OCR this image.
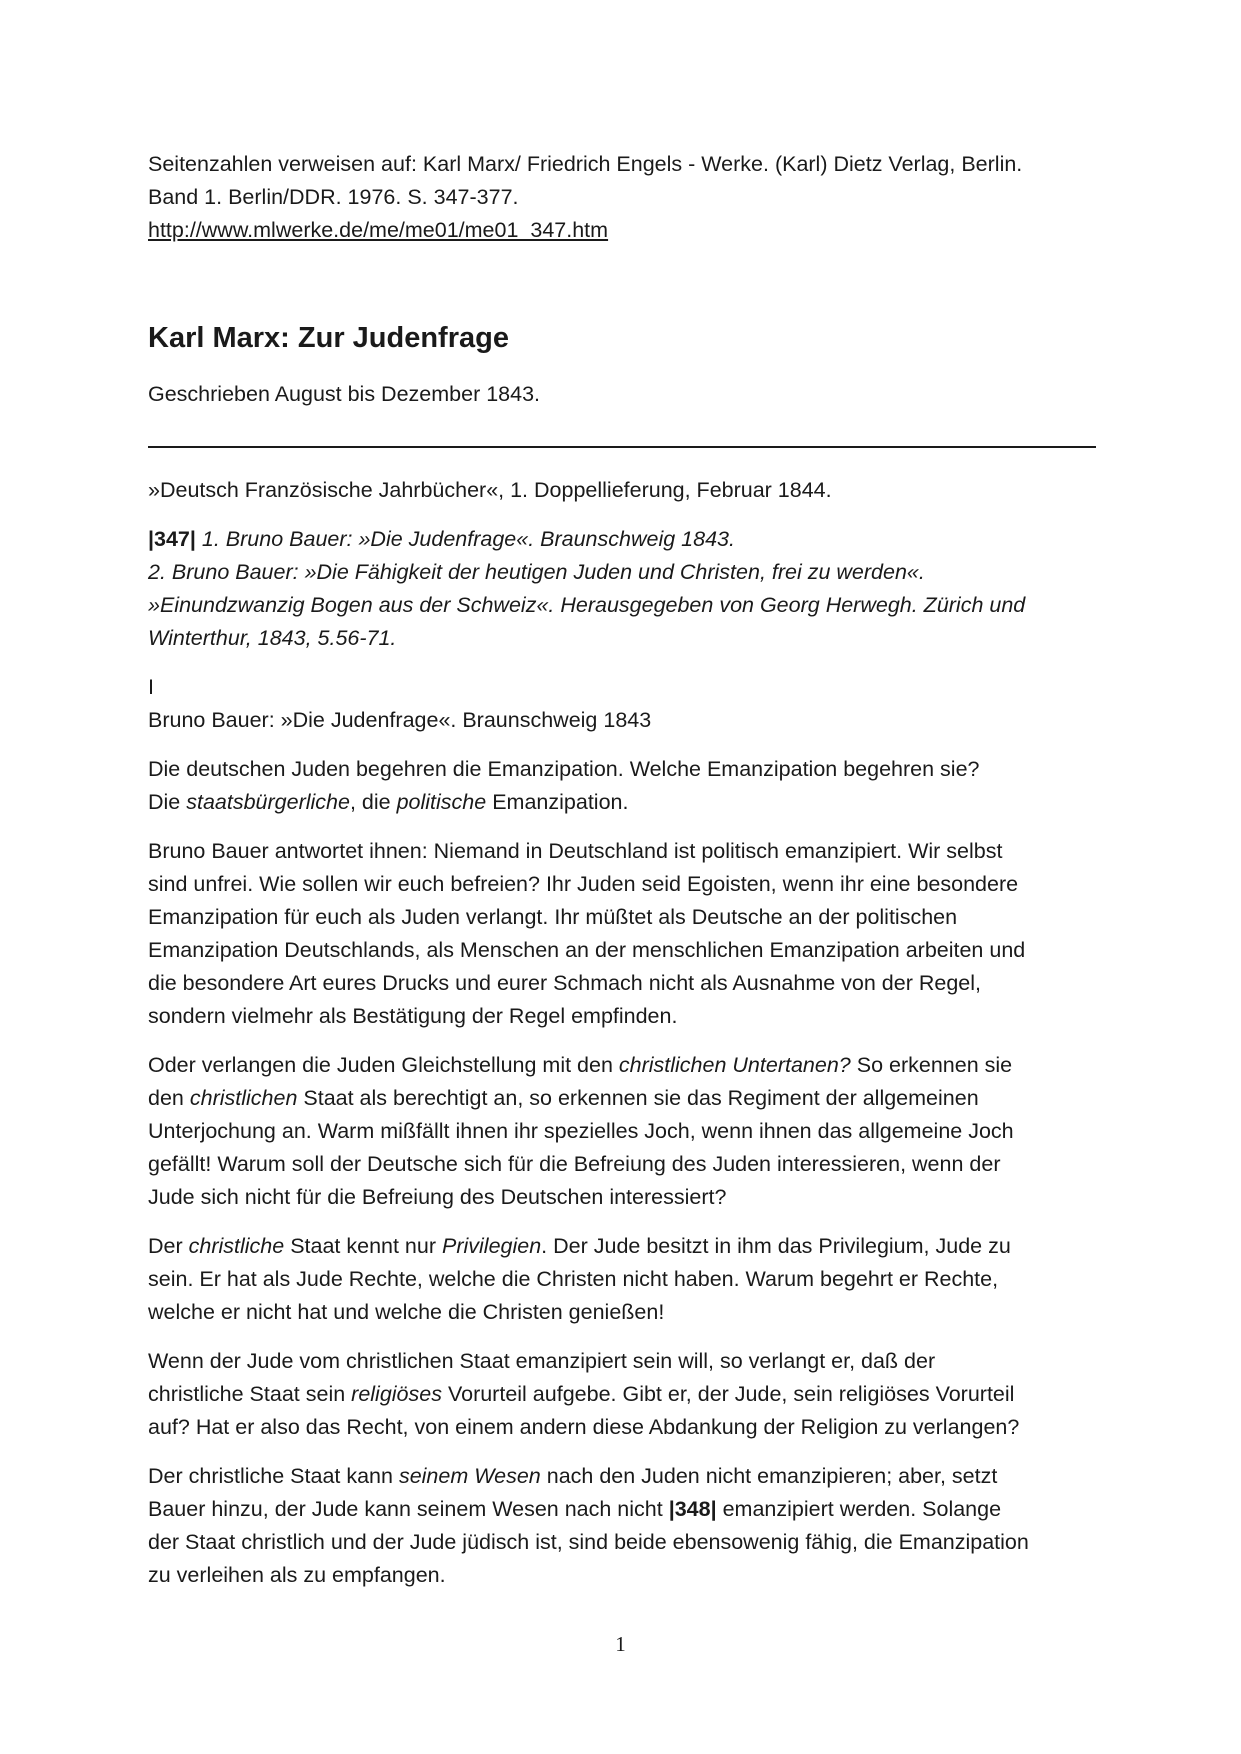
Seitenzahlen verweisen auf: Karl Marx/ Friedrich Engels - Werke. (Karl) Dietz Verlag, Berlin.

Band 1. Berlin/DDR. 1976. S. 347-377.

http://www.mlwerke.de/me/me01/me01_347.htm

Karl Marx: Zur Judenfrage

Geschrieben August bis Dezember 1843.

»Deutsch Französische Jahrbücher«, 1. Doppellieferung, Februar 1844.

|347| 1. Bruno Bauer: »Die Judenfrage«. Braunschweig 1843.

2. Bruno Bauer: »Die Fähigkeit der heutigen Juden und Christen, frei zu werden«.

»Einundzwanzig Bogen aus der Schweiz«. Herausgegeben von Georg Herwegh. Zürich und

Winterthur, 1843, 5.56-71.

I

Bruno Bauer: »Die Judenfrage«. Braunschweig 1843

Die deutschen Juden begehren die Emanzipation. Welche Emanzipation begehren sie?

Die staatsbürgerliche, die politische Emanzipation.

Bruno Bauer antwortet ihnen: Niemand in Deutschland ist politisch emanzipiert. Wir selbst

sind unfrei. Wie sollen wir euch befreien? Ihr Juden seid Egoisten, wenn ihr eine besondere

Emanzipation für euch als Juden verlangt. Ihr müßtet als Deutsche an der politischen

Emanzipation Deutschlands, als Menschen an der menschlichen Emanzipation arbeiten und

die besondere Art eures Drucks und eurer Schmach nicht als Ausnahme von der Regel,

sondern vielmehr als Bestätigung der Regel empfinden.

Oder verlangen die Juden Gleichstellung mit den christlichen Untertanen? So erkennen sie

den christlichen Staat als berechtigt an, so erkennen sie das Regiment der allgemeinen

Unterjochung an. Warm mißfällt ihnen ihr spezielles Joch, wenn ihnen das allgemeine Joch

gefällt! Warum soll der Deutsche sich für die Befreiung des Juden interessieren, wenn der

Jude sich nicht für die Befreiung des Deutschen interessiert?

Der christliche Staat kennt nur Privilegien. Der Jude besitzt in ihm das Privilegium, Jude zu

sein. Er hat als Jude Rechte, welche die Christen nicht haben. Warum begehrt er Rechte,

welche er nicht hat und welche die Christen genießen!

Wenn der Jude vom christlichen Staat emanzipiert sein will, so verlangt er, daß der

christliche Staat sein religiöses Vorurteil aufgebe. Gibt er, der Jude, sein religiöses Vorurteil

auf? Hat er also das Recht, von einem andern diese Abdankung der Religion zu verlangen?

Der christliche Staat kann seinem Wesen nach den Juden nicht emanzipieren; aber, setzt

Bauer hinzu, der Jude kann seinem Wesen nach nicht |348| emanzipiert werden. Solange

der Staat christlich und der Jude jüdisch ist, sind beide ebensowenig fähig, die Emanzipation

zu verleihen als zu empfangen.

1
